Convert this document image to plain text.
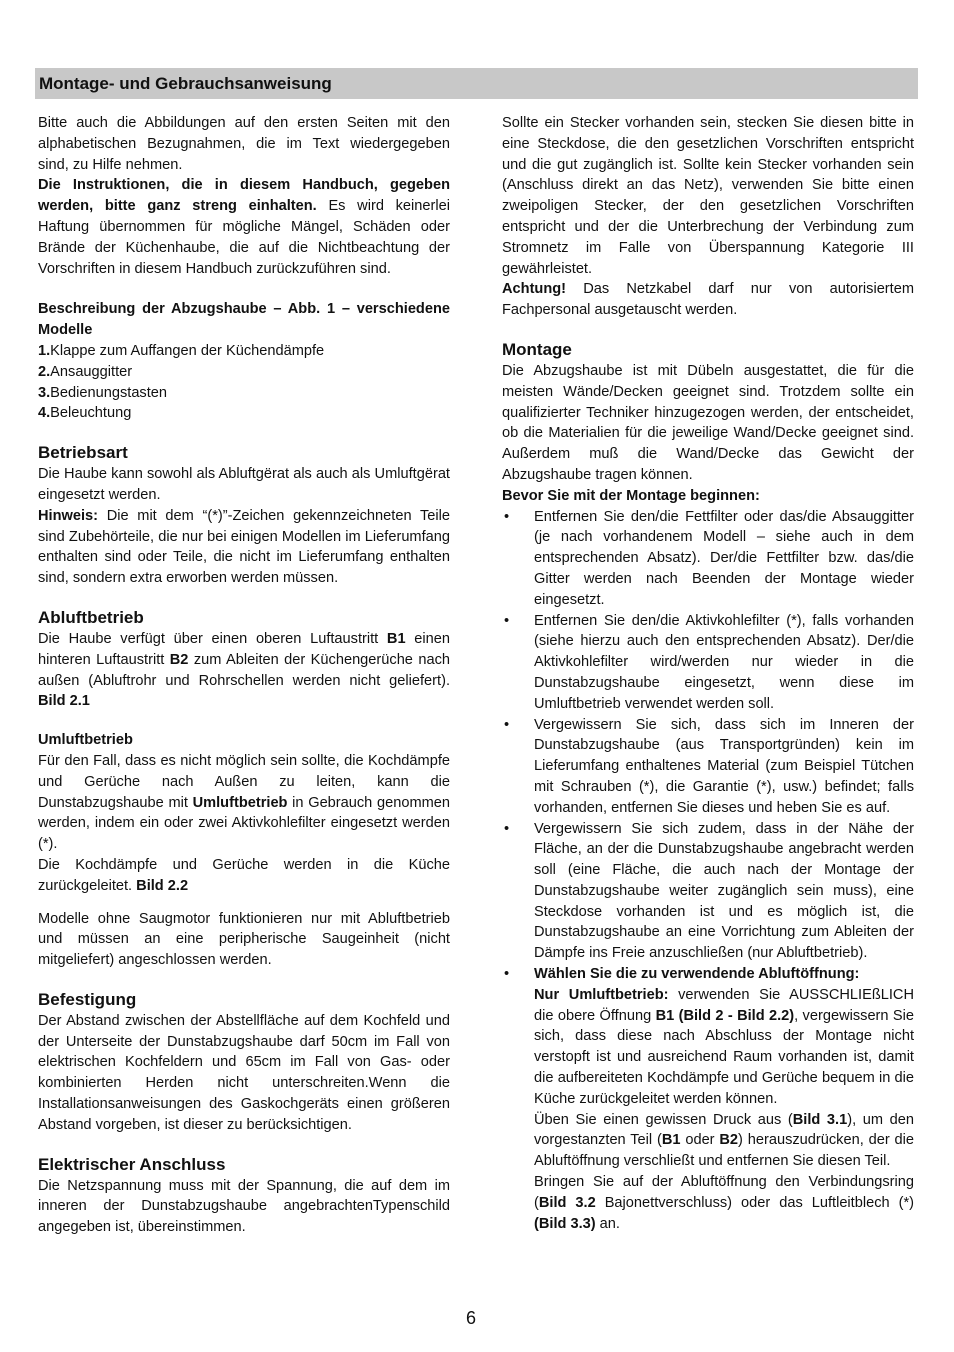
Montage- und Gebrauchsanweisung

Bitte auch die Abbildungen auf den ersten Seiten mit den alphabetischen Bezugnahmen, die im Text wiedergegeben sind, zu Hilfe nehmen.

Die Instruktionen, die in diesem Handbuch, gegeben werden, bitte ganz streng einhalten. Es wird keinerlei Haftung übernommen für mögliche Mängel, Schäden oder Brände der Küchenhaube, die auf die Nichtbeachtung der Vorschriften in diesem Handbuch zurückzuführen sind.

Beschreibung der Abzugshaube – Abb. 1 – verschiedene Modelle

1.Klappe zum Auffangen der Küchendämpfe
2.Ansauggitter
3.Bedienungstasten
4.Beleuchtung
Betriebsart

Die Haube kann sowohl als Abluftgërat als auch als Umluftgërat eingesetzt werden.

Hinweis: Die mit dem “(*)”-Zeichen gekennzeichneten Teile sind Zubehörteile, die nur bei einigen Modellen im Lieferumfang enthalten sind oder Teile, die nicht im Lieferumfang enthalten sind, sondern extra erworben werden müssen.

Abluftbetrieb

Die Haube verfügt über einen oberen Luftaustritt B1 einen hinteren Luftaustritt B2 zum Ableiten der Küchengerüche nach außen (Abluftrohr und Rohrschellen werden nicht geliefert). Bild 2.1

Umluftbetrieb

Für den Fall, dass es nicht möglich sein sollte, die Kochdämpfe und Gerüche nach Außen zu leiten, kann die Dunstabzugshaube mit Umluftbetrieb in Gebrauch genommen werden, indem ein oder zwei Aktivkohlefilter eingesetzt werden (*).

Die Kochdämpfe und Gerüche werden in die Küche zurückgeleitet. Bild 2.2

Modelle ohne Saugmotor funktionieren nur mit Abluftbetrieb und müssen an eine peripherische Saugeinheit (nicht mitgeliefert) angeschlossen werden.

Befestigung

Der Abstand zwischen der Abstellfläche auf dem Kochfeld und der Unterseite der Dunstabzugshaube darf 50cm im Fall von elektrischen Kochfeldern und 65cm im Fall von Gas- oder kombinierten Herden nicht unterschreiten.Wenn die Installationsanweisungen des Gaskochgeräts einen größeren Abstand vorgeben, ist dieser zu berücksichtigen.

Elektrischer Anschluss

Die Netzspannung muss mit der Spannung, die auf dem im inneren der Dunstabzugshaube angebrachtenTypenschild angegeben ist, übereinstimmen.

Sollte ein Stecker vorhanden sein, stecken Sie diesen bitte in eine Steckdose, die den gesetzlichen Vorschriften entspricht und die gut zugänglich ist. Sollte kein Stecker vorhanden sein (Anschluss direkt an das Netz), verwenden Sie bitte einen zweipoligen Stecker, der den gesetzlichen Vorschriften entspricht und der die Unterbrechung der Verbindung zum Stromnetz im Falle von Überspannung Kategorie III gewährleistet.

Achtung! Das Netzkabel darf nur von autorisiertem Fachpersonal ausgetauscht werden.

Montage

Die Abzugshaube ist mit Dübeln ausgestattet, die für die meisten Wände/Decken geeignet sind. Trotzdem sollte ein qualifizierter Techniker hinzugezogen werden, der entscheidet, ob die Materialien für die jeweilige Wand/Decke geeignet sind. Außerdem muß die Wand/Decke das Gewicht der Abzugshaube tragen können.

Bevor Sie mit der Montage beginnen:

• Entfernen Sie den/die Fettfilter oder das/die Absauggitter (je nach vorhandenem Modell – siehe auch in dem entsprechenden Absatz). Der/die Fettfilter bzw. das/die Gitter werden nach Beenden der Montage wieder eingesetzt.
• Entfernen Sie den/die Aktivkohlefilter (*), falls vorhanden (siehe hierzu auch den entsprechenden Absatz). Der/die Aktivkohlefilter wird/werden nur wieder in die Dunstabzugshaube eingesetzt, wenn diese im Umluftbetrieb verwendet werden soll.
• Vergewissern Sie sich, dass sich im Inneren der Dunstabzugshaube (aus Transportgründen) kein im Lieferumfang enthaltenes Material (zum Beispiel Tütchen mit Schrauben (*), die Garantie (*), usw.) befindet; falls vorhanden, entfernen Sie dieses und heben Sie es auf.
• Vergewissern Sie sich zudem, dass in der Nähe der Fläche, an der die Dunstabzugshaube angebracht werden soll (eine Fläche, die auch nach der Montage der Dunstabzugshaube weiter zugänglich sein muss), eine Steckdose vorhanden ist und es möglich ist, die Dunstabzugshaube an eine Vorrichtung zum Ableiten der Dämpfe ins Freie anzuschließen (nur Abluftbetrieb).
• Wählen Sie die zu verwendende Abluftöffnung:
Nur Umluftbetrieb: verwenden Sie AUSSCHLIEßLICH die obere Öffnung B1 (Bild 2 - Bild 2.2), vergewissern Sie sich, dass diese nach Abschluss der Montage nicht verstopft ist und ausreichend Raum vorhanden ist, damit die aufbereiteten Kochdämpfe und Gerüche bequem in die Küche zurückgeleitet werden können.
Üben Sie einen gewissen Druck aus (Bild 3.1), um den vorgestanzten Teil (B1 oder B2) herauszudrücken, der die Abluftöffnung verschließt und entfernen Sie diesen Teil.
Bringen Sie auf der Abluftöffnung den Verbindungsring (Bild 3.2 Bajonettverschluss) oder das Luftleitblech (*) (Bild 3.3) an.
6
